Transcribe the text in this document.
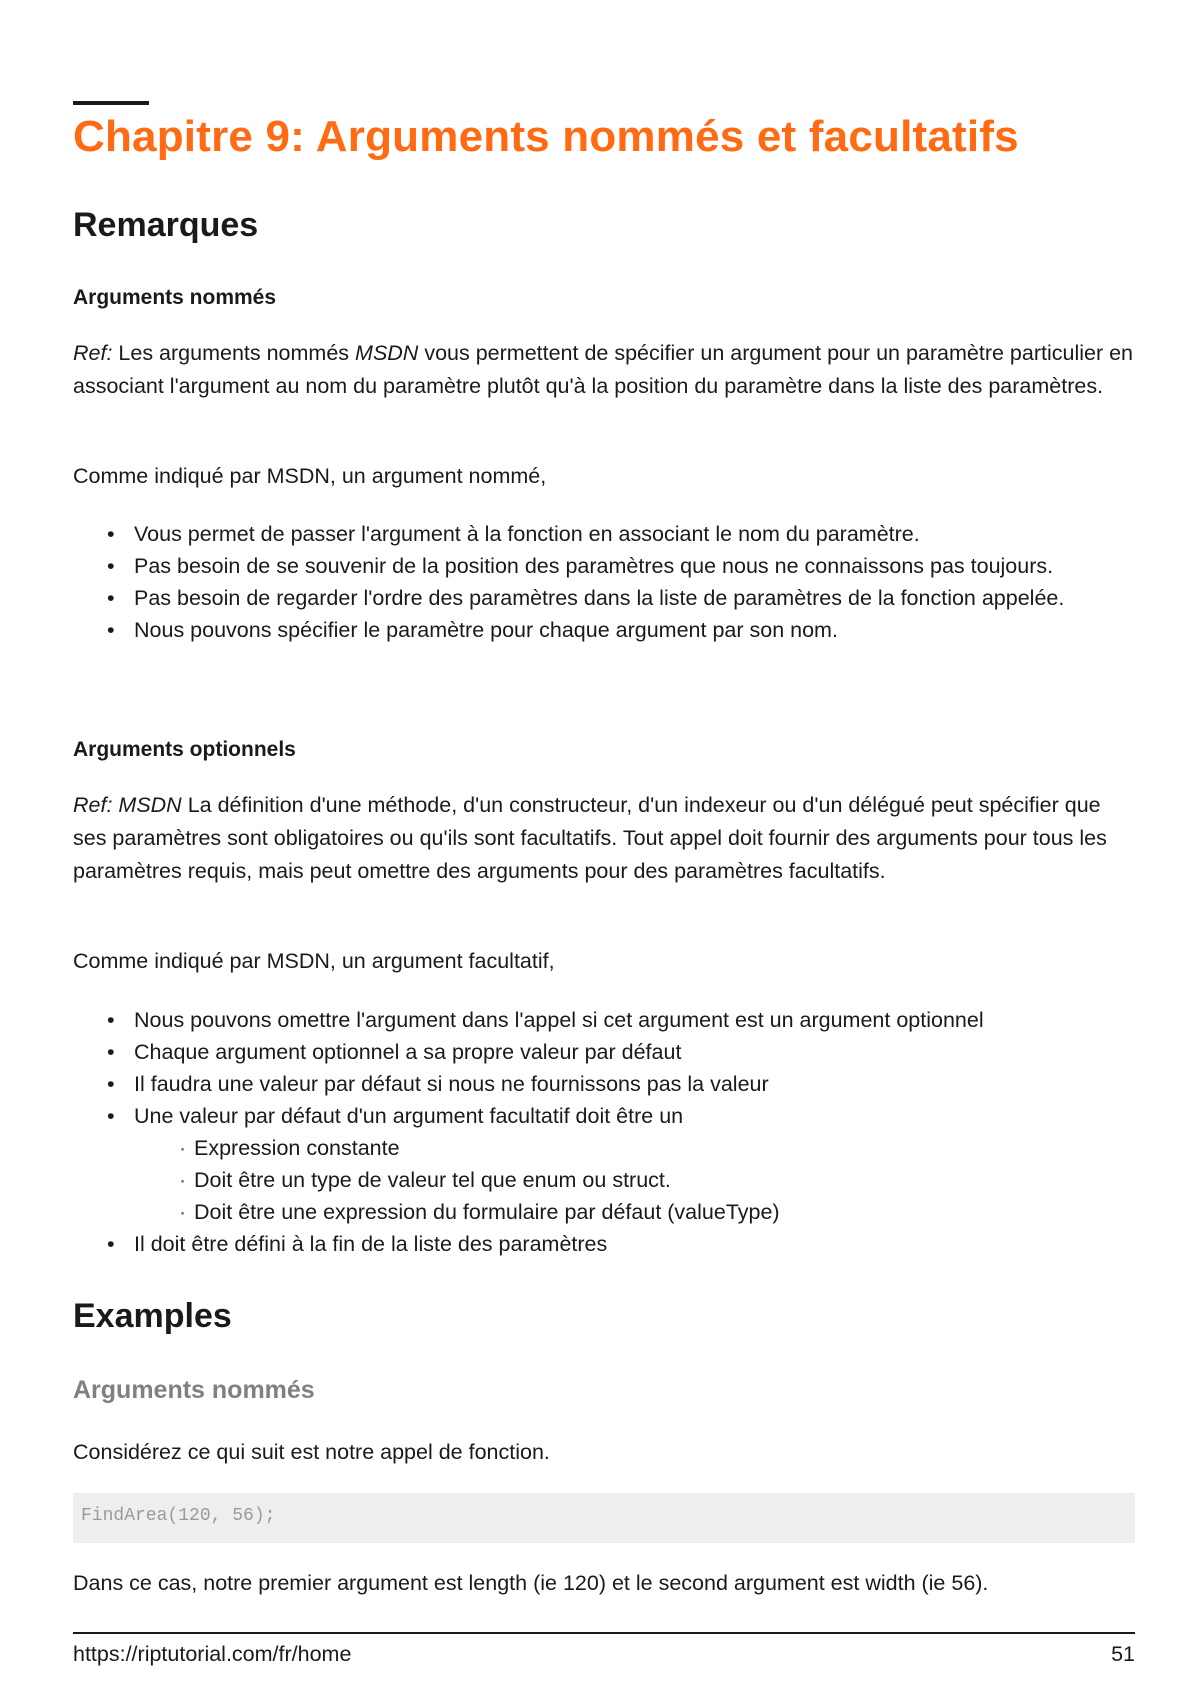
Chapitre 9: Arguments nommés et facultatifs
Remarques
Arguments nommés

Ref: Les arguments nommés MSDN vous permettent de spécifier un argument pour un paramètre particulier en associant l'argument au nom du paramètre plutôt qu'à la position du paramètre dans la liste des paramètres.

Comme indiqué par MSDN, un argument nommé,

• Vous permet de passer l'argument à la fonction en associant le nom du paramètre.
• Pas besoin de se souvenir de la position des paramètres que nous ne connaissons pas toujours.
• Pas besoin de regarder l'ordre des paramètres dans la liste de paramètres de la fonction appelée.
• Nous pouvons spécifier le paramètre pour chaque argument par son nom.
Arguments optionnels

Ref: MSDN La définition d'une méthode, d'un constructeur, d'un indexeur ou d'un délégué peut spécifier que ses paramètres sont obligatoires ou qu'ils sont facultatifs. Tout appel doit fournir des arguments pour tous les paramètres requis, mais peut omettre des arguments pour des paramètres facultatifs.

Comme indiqué par MSDN, un argument facultatif,

• Nous pouvons omettre l'argument dans l'appel si cet argument est un argument optionnel
• Chaque argument optionnel a sa propre valeur par défaut
• Il faudra une valeur par défaut si nous ne fournissons pas la valeur
• Une valeur par défaut d'un argument facultatif doit être un
· Expression constante
· Doit être un type de valeur tel que enum ou struct.
· Doit être une expression du formulaire par défaut (valueType)
• Il doit être défini à la fin de la liste des paramètres
Examples
Arguments nommés

Considérez ce qui suit est notre appel de fonction.

FindArea(120, 56);

Dans ce cas, notre premier argument est length (ie 120) et le second argument est width (ie 56).

https://riptutorial.com/fr/home	51
